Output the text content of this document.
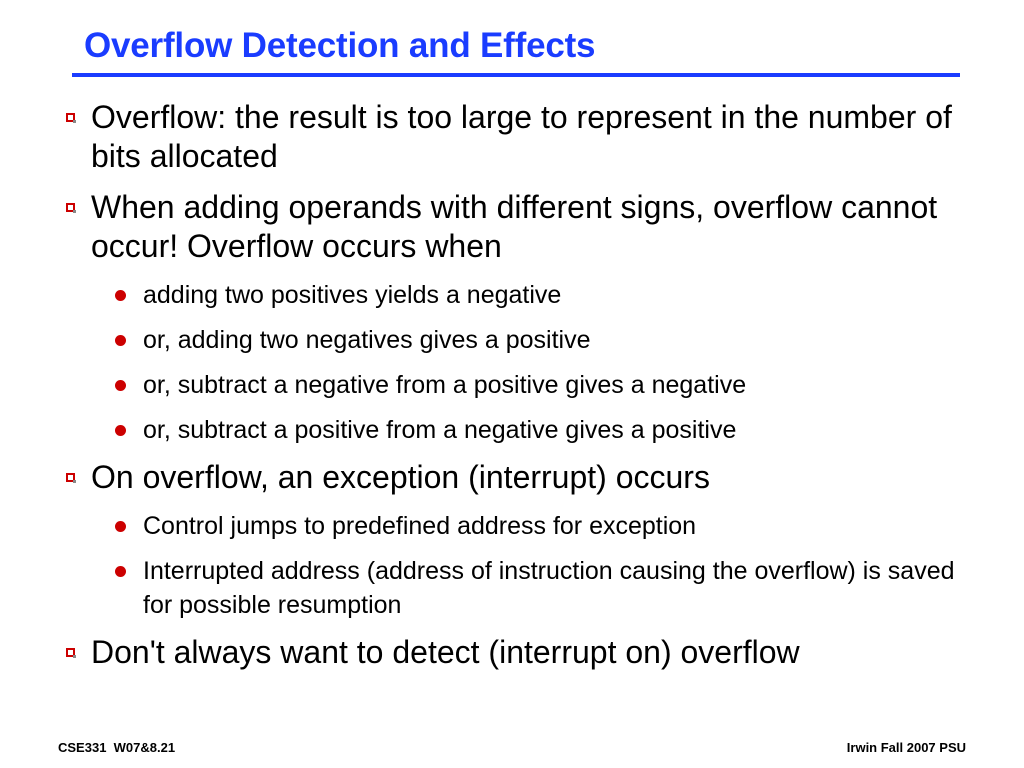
Overflow Detection and Effects
Overflow: the result is too large to represent in the number of bits allocated
When adding operands with different signs, overflow cannot occur! Overflow occurs when
adding two positives yields a negative
or, adding two negatives gives a positive
or, subtract a negative from a positive gives a negative
or, subtract a positive from a negative gives a positive
On overflow, an exception (interrupt) occurs
Control jumps to predefined address for exception
Interrupted address (address of instruction causing the overflow) is saved for possible resumption
Don't always want to detect (interrupt on) overflow
CSE331  W07&8.21	Irwin Fall 2007 PSU
